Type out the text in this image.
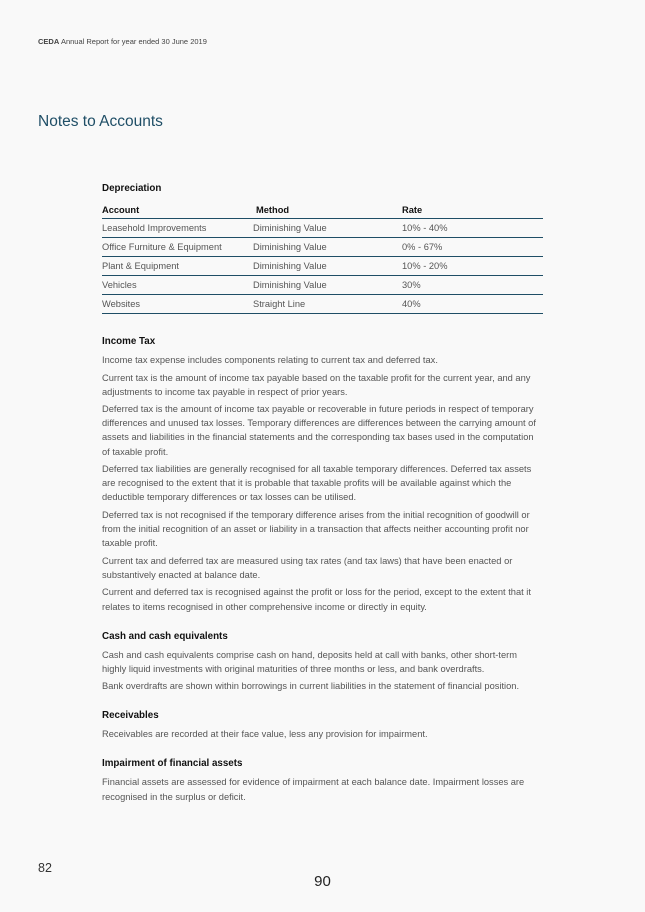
CEDA Annual Report for year ended 30 June 2019
Notes to Accounts
Depreciation
Account	Method	Rate
Leasehold Improvements	Diminishing Value	10% - 40%
Office Furniture & Equipment	Diminishing Value	0% - 67%
Plant & Equipment	Diminishing Value	10% - 20%
Vehicles	Diminishing Value	30%
Websites	Straight Line	40%
Income Tax

Income tax expense includes components relating to current tax and deferred tax.

Current tax is the amount of income tax payable based on the taxable profit for the current year, and any adjustments to income tax payable in respect of prior years.

Deferred tax is the amount of income tax payable or recoverable in future periods in respect of temporary differences and unused tax losses. Temporary differences are differences between the carrying amount of assets and liabilities in the financial statements and the corresponding tax bases used in the computation of taxable profit.

Deferred tax liabilities are generally recognised for all taxable temporary differences. Deferred tax assets are recognised to the extent that it is probable that taxable profits will be available against which the deductible temporary differences or tax losses can be utilised.

Deferred tax is not recognised if the temporary difference arises from the initial recognition of goodwill or from the initial recognition of an asset or liability in a transaction that affects neither accounting profit nor taxable profit.

Current tax and deferred tax are measured using tax rates (and tax laws) that have been enacted or substantively enacted at balance date.

Current and deferred tax is recognised against the profit or loss for the period, except to the extent that it relates to items recognised in other comprehensive income or directly in equity.

Cash and cash equivalents

Cash and cash equivalents comprise cash on hand, deposits held at call with banks, other short-term highly liquid investments with original maturities of three months or less, and bank overdrafts.

Bank overdrafts are shown within borrowings in current liabilities in the statement of financial position.

Receivables

Receivables are recorded at their face value, less any provision for impairment.

Impairment of financial assets

Financial assets are assessed for evidence of impairment at each balance date. Impairment losses are recognised in the surplus or deficit.

82
90
